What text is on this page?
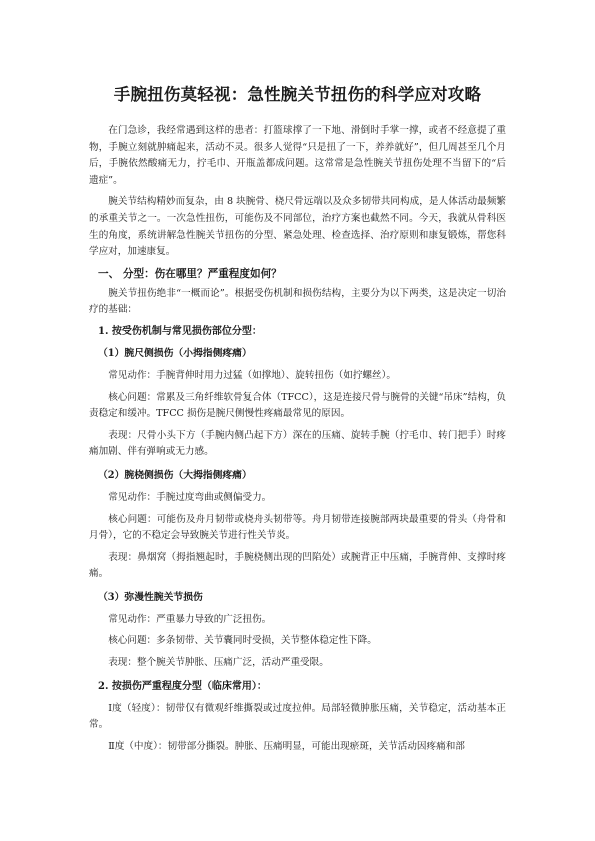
手腕扭伤莫轻视：急性腕关节扭伤的科学应对攻略

在门急诊，我经常遇到这样的患者：打篮球撑了一下地、滑倒时手掌一撑，或者不经意提了重物，手腕立刻就肿痛起来，活动不灵。很多人觉得“只是扭了一下，养养就好”，但几周甚至几个月后，手腕依然酸痛无力，拧毛巾、开瓶盖都成问题。这常常是急性腕关节扭伤处理不当留下的“后遗症”。

腕关节结构精妙而复杂，由 8 块腕骨、桡尺骨远端以及众多韧带共同构成，是人体活动最频繁的承重关节之一。一次急性扭伤，可能伤及不同部位，治疗方案也截然不同。今天，我就从骨科医生的角度，系统讲解急性腕关节扭伤的分型、紧急处理、检查选择、治疗原则和康复锻炼，帮您科学应对，加速康复。

一、 分型：伤在哪里？严重程度如何？

腕关节扭伤绝非“一概而论”。根据受伤机制和损伤结构，主要分为以下两类，这是决定一切治疗的基础：

1. 按受伤机制与常见损伤部位分型：
（1）腕尺侧损伤（小拇指侧疼痛）

常见动作：手腕背伸时用力过猛（如撑地）、旋转扭伤（如拧螺丝）。

核心问题：常累及三角纤维软骨复合体（TFCC），这是连接尺骨与腕骨的关键“吊床”结构，负责稳定和缓冲。TFCC 损伤是腕尺侧慢性疼痛最常见的原因。

表现：尺骨小头下方（手腕内侧凸起下方）深在的压痛、旋转手腕（拧毛巾、转门把手）时疼痛加剧、伴有弹响或无力感。

（2）腕桡侧损伤（大拇指侧疼痛）

常见动作：手腕过度弯曲或侧偏受力。

核心问题：可能伤及舟月韧带或桡舟头韧带等。舟月韧带连接腕部两块最重要的骨头（舟骨和月骨），它的不稳定会导致腕关节进行性关节炎。

表现：鼻烟窝（拇指翘起时，手腕桡侧出现的凹陷处）或腕背正中压痛，手腕背伸、支撑时疼痛。

（3）弥漫性腕关节损伤

常见动作：严重暴力导致的广泛扭伤。

核心问题：多条韧带、关节囊同时受损，关节整体稳定性下降。

表现：整个腕关节肿胀、压痛广泛，活动严重受限。

2. 按损伤严重程度分型（临床常用）：

Ⅰ度（轻度）：韧带仅有微观纤维撕裂或过度拉伸。局部轻微肿胀压痛，关节稳定，活动基本正常。

Ⅱ度（中度）：韧带部分撕裂。肿胀、压痛明显，可能出现瘀斑，关节活动因疼痛和部
